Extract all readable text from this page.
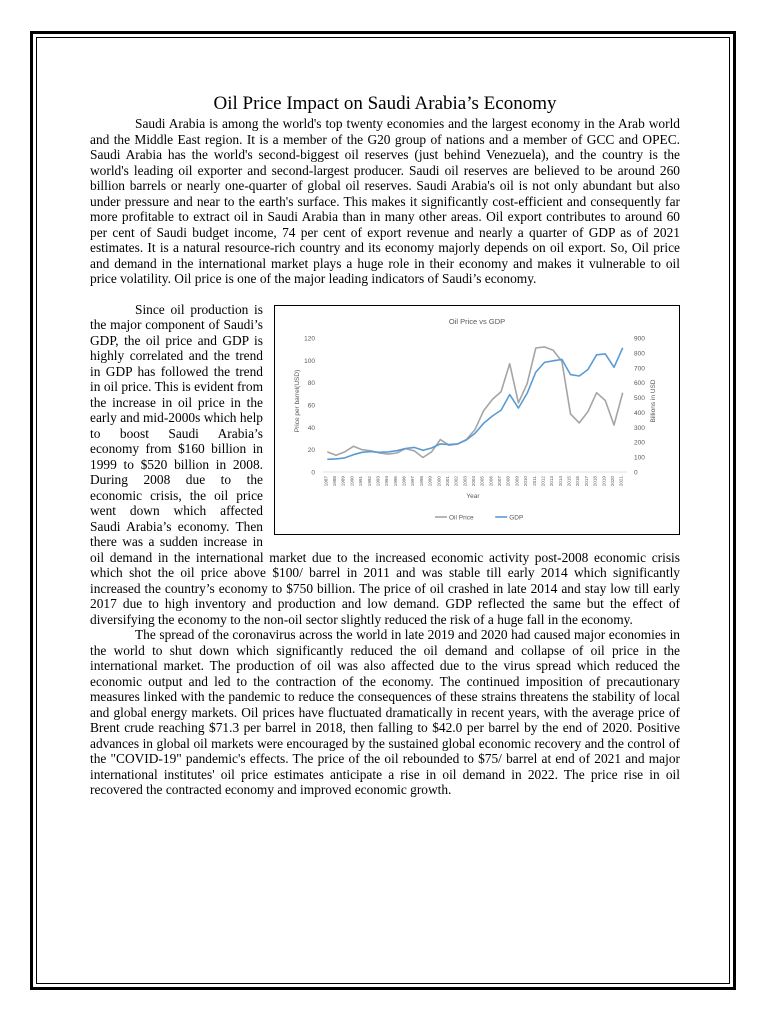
Oil Price Impact on Saudi Arabia’s Economy

Saudi Arabia is among the world's top twenty economies and the largest economy in the Arab world and the Middle East region. It is a member of the G20 group of nations and a member of GCC and OPEC. Saudi Arabia has the world's second-biggest oil reserves (just behind Venezuela), and the country is the world's leading oil exporter and second-largest producer. Saudi oil reserves are believed to be around 260 billion barrels or nearly one-quarter of global oil reserves. Saudi Arabia's oil is not only abundant but also under pressure and near to the earth's surface. This makes it significantly cost-efficient and consequently far more profitable to extract oil in Saudi Arabia than in many other areas. Oil export contributes to around 60 per cent of Saudi budget income, 74 per cent of export revenue and nearly a quarter of GDP as of 2021 estimates. It is a natural resource-rich country and its economy majorly depends on oil export. So, Oil price and demand in the international market plays a huge role in their economy and makes it vulnerable to oil price volatility. Oil price is one of the major leading indicators of Saudi’s economy.

Oil Price vs GDP
0
20
40
60
80
100
120
0
100
200
300
400
500
600
700
800
900
1987 1988 1989 1990 1991 1992 1993 1994 1995 1996 1997 1998 1999 2000 2001 2002 2003 2004 2005 2006 2007 2008 2009 2010 2011 2012 2013 2014 2015 2016 2017 2018 2019 2020 2021
Price per barrel(USD)	Billions in USD
Year
Oil Price	GDP

Since oil production is the major component of Saudi’s GDP, the oil price and GDP is highly correlated and the trend in GDP has followed the trend in oil price. This is evident from the increase in oil price in the early and mid-2000s which help to boost Saudi Arabia’s economy from $160 billion in 1999 to $520 billion in 2008. During 2008 due to the economic crisis, the oil price went down which affected Saudi Arabia’s economy. Then there was a sudden increase in oil demand in the international market due to the increased economic activity post-2008 economic crisis which shot the oil price above $100/ barrel in 2011 and was stable till early 2014 which significantly increased the country’s economy to $750 billion. The price of oil crashed in late 2014 and stay low till early 2017 due to high inventory and production and low demand. GDP reflected the same but the effect of diversifying the economy to the non-oil sector slightly reduced the risk of a huge fall in the economy.

The spread of the coronavirus across the world in late 2019 and 2020 had caused major economies in the world to shut down which significantly reduced the oil demand and collapse of oil price in the international market. The production of oil was also affected due to the virus spread which reduced the economic output and led to the contraction of the economy. The continued imposition of precautionary measures linked with the pandemic to reduce the consequences of these strains threatens the stability of local and global energy markets. Oil prices have fluctuated dramatically in recent years, with the average price of Brent crude reaching $71.3 per barrel in 2018, then falling to $42.0 per barrel by the end of 2020. Positive advances in global oil markets were encouraged by the sustained global economic recovery and the control of the "COVID-19" pandemic's effects. The price of the oil rebounded to $75/ barrel at end of 2021 and major international institutes' oil price estimates anticipate a rise in oil demand in 2022. The price rise in oil recovered the contracted economy and improved economic growth.
